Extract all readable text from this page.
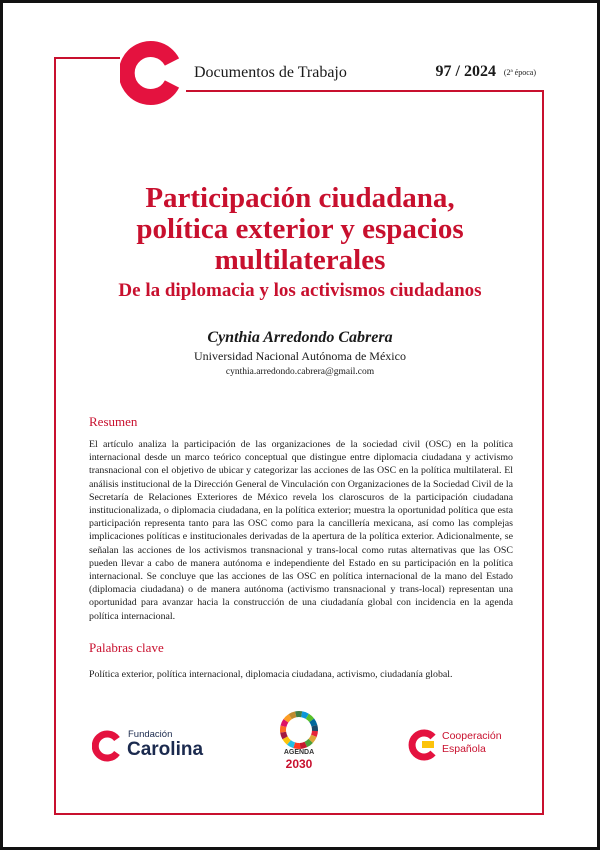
Documentos de Trabajo	97 / 2024 (2ª época)

Participación ciudadana,
política exterior y espacios
multilaterales

De la diplomacia y los activismos ciudadanos

Cynthia Arredondo Cabrera
Universidad Nacional Autónoma de México
cynthia.arredondo.cabrera@gmail.com
Resumen

El artículo analiza la participación de las organizaciones de la sociedad civil (OSC) en la política internacional desde un marco teórico conceptual que distingue entre diplomacia ciudadana y activismo transnacional con el objetivo de ubicar y categorizar las acciones de las OSC en la política multilateral. El análisis institucional de la Dirección General de Vinculación con Organizaciones de la Sociedad Civil de la Secretaría de Relaciones Exteriores de México revela los claroscuros de la participación ciudadana institucionalizada, o diplomacia ciudadana, en la política exterior; muestra la oportunidad política que esta participación representa tanto para las OSC como para la cancillería mexicana, así como las complejas implicaciones políticas e institucionales derivadas de la apertura de la política exterior. Adicionalmente, se señalan las acciones de los activismos transnacional y trans-local como rutas alternativas que las OSC pueden llevar a cabo de manera autónoma e independiente del Estado en su participación en la política internacional. Se concluye que las acciones de las OSC en política internacional de la mano del Estado (diplomacia ciudadana) o de manera autónoma (activismo transnacional y trans-local) representan una oportunidad para avanzar hacia la construcción de una ciudadanía global con incidencia en la agenda política internacional.

Palabras clave

Política exterior, política internacional, diplomacia ciudadana, activismo, ciudadanía global.

Fundación
Carolina	AGENDA
2030
Cooperación
Española
